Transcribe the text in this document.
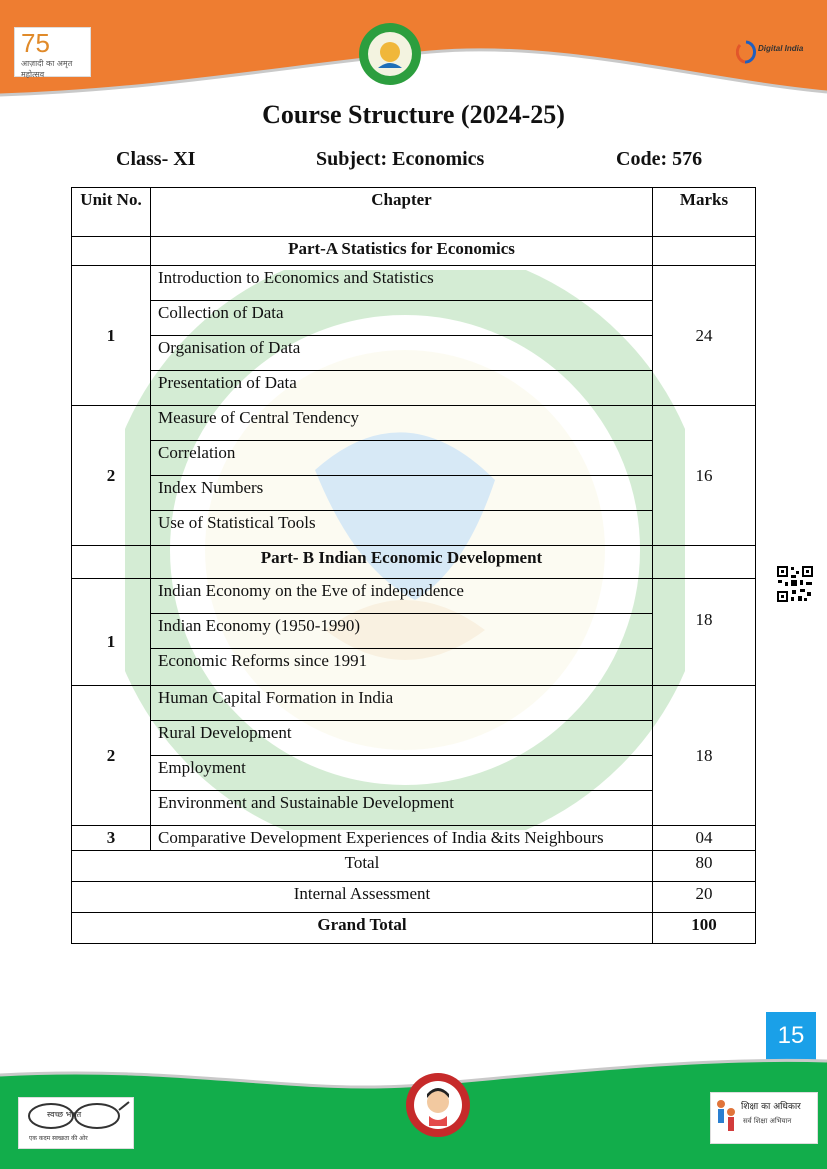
75
आज़ादी का अमृत महोत्सव
Digital India
Course Structure (2024-25)
Class- XI	Subject: Economics	Code: 576
Unit No.	Chapter	Marks
	Part-A Statistics for Economics	
1	Introduction to Economics and Statistics	24
	Collection of Data	
	Organisation of Data	
	Presentation of Data	
2	Measure of Central Tendency	16
	Correlation	
	Index Numbers	
	Use of Statistical Tools	
	Part- B Indian Economic Development	
1	Indian Economy on the Eve of independence	18
	Indian Economy (1950-1990)	
	Economic Reforms since 1991	
2	Human Capital Formation in India	18
	Rural Development	
	Employment	
	Environment and Sustainable Development	
3	Comparative Development Experiences of India &its Neighbours	04
Total		80
Internal Assessment		20
Grand Total		100
15
स्वच्छ भारत
एक कदम स्वच्छता की ओर
शिक्षा का अधिकार
सर्व शिक्षा अभियान
